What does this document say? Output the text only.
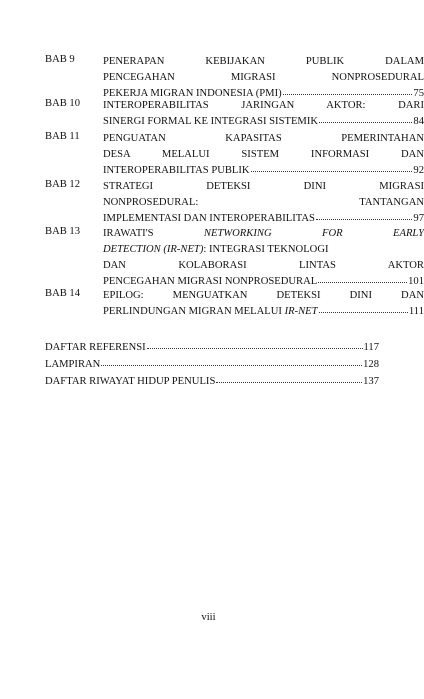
BAB 9	PENERAPAN KEBIJAKAN PUBLIK DALAM
PENCEGAHAN MIGRASI NONPROSEDURAL
PEKERJA MIGRAN INDONESIA (PMI)	75
BAB 10 INTEROPERABILITAS JARINGAN AKTOR: DARI
SINERGI FORMAL KE INTEGRASI SISTEMIK	84
BAB 11 PENGUATAN KAPASITAS PEMERINTAHAN
DESA MELALUI SISTEM INFORMASI DAN
INTEROPERABILITAS PUBLIK	92
BAB 12 STRATEGI DETEKSI DINI MIGRASI
NONPROSEDURAL: TANTANGAN
IMPLEMENTASI DAN INTEROPERABILITAS	97
BAB 13 IRAWATI'S NETWORKING FOR EARLY
DETECTION (IR-NET): INTEGRASI TEKNOLOGI
DAN KOLABORASI LINTAS AKTOR
PENCEGAHAN MIGRASI NONPROSEDURAL	101
BAB 14 EPILOG: MENGUATKAN DETEKSI DINI DAN
PERLINDUNGAN MIGRAN MELALUI IR-NET	111
DAFTAR REFERENSI	117
LAMPIRAN	128
DAFTAR RIWAYAT HIDUP PENULIS	137
viii
